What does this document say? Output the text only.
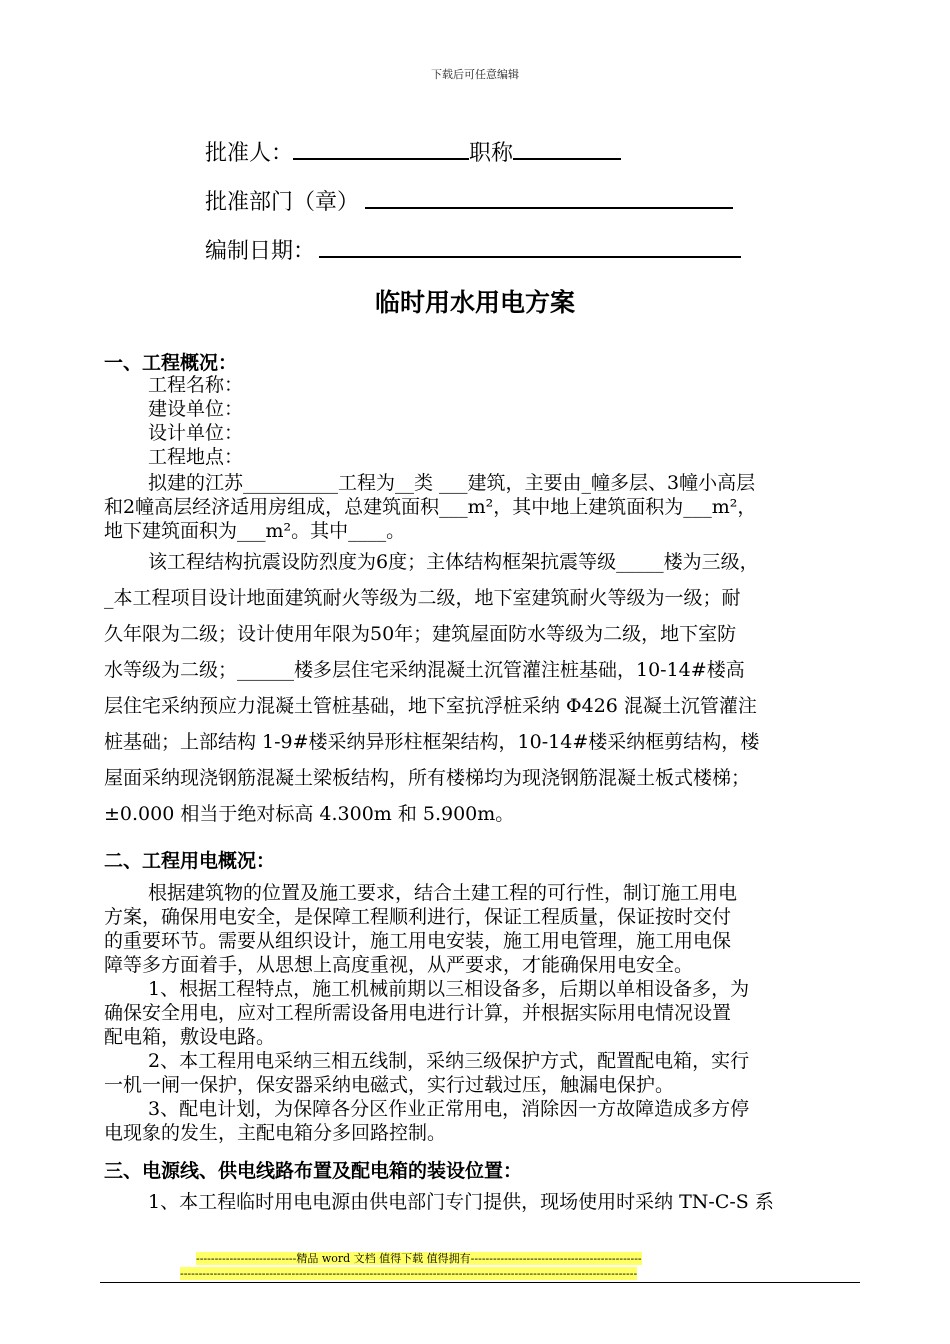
下载后可任意编辑
批准人：	职称
批准部门（章）
编制日期：
临时用水用电方案
一、工程概况：
工程名称：
建设单位：
设计单位：
工程地点：
拟建的江苏__________工程为__类 ___建筑，主要由_幢多层、3幢小高层
和2幢高层经济适用房组成，总建筑面积___m²，其中地上建筑面积为___m²，
地下建筑面积为___m²。其中____。
该工程结构抗震设防烈度为6度；主体结构框架抗震等级_____楼为三级，
_本工程项目设计地面建筑耐火等级为二级，地下室建筑耐火等级为一级；耐
久年限为二级；设计使用年限为50年；建筑屋面防水等级为二级，地下室防
水等级为二级；______楼多层住宅采纳混凝土沉管灌注桩基础，10-14#楼高
层住宅采纳预应力混凝土管桩基础，地下室抗浮桩采纳 Φ426 混凝土沉管灌注
桩基础；上部结构 1-9#楼采纳异形柱框架结构，10-14#楼采纳框剪结构，楼
屋面采纳现浇钢筋混凝土梁板结构，所有楼梯均为现浇钢筋混凝土板式楼梯；
±0.000 相当于绝对标高 4.300m 和 5.900m。
二、工程用电概况：
根据建筑物的位置及施工要求，结合土建工程的可行性，制订施工用电
方案，确保用电安全，是保障工程顺利进行，保证工程质量，保证按时交付
的重要环节。需要从组织设计，施工用电安装，施工用电管理，施工用电保
障等多方面着手，从思想上高度重视，从严要求，才能确保用电安全。
1、根据工程特点，施工机械前期以三相设备多，后期以单相设备多，为
确保安全用电，应对工程所需设备用电进行计算，并根据实际用电情况设置
配电箱，敷设电路。
2、本工程用电采纳三相五线制，采纳三级保护方式，配置配电箱，实行
一机一闸一保护，保安器采纳电磁式，实行过载过压，触漏电保护。
3、配电计划，为保障各分区作业正常用电，消除因一方故障造成多方停
电现象的发生，主配电箱分多回路控制。
三、电源线、供电线路布置及配电箱的装设位置：
1、本工程临时用电电源由供电部门专门提供，现场使用时采纳 TN-C-S 系
---------------------------精品 word 文档 值得下载 值得拥有----------------------------------------------
---------------------------------------------------------------------------------------------------------------------------
